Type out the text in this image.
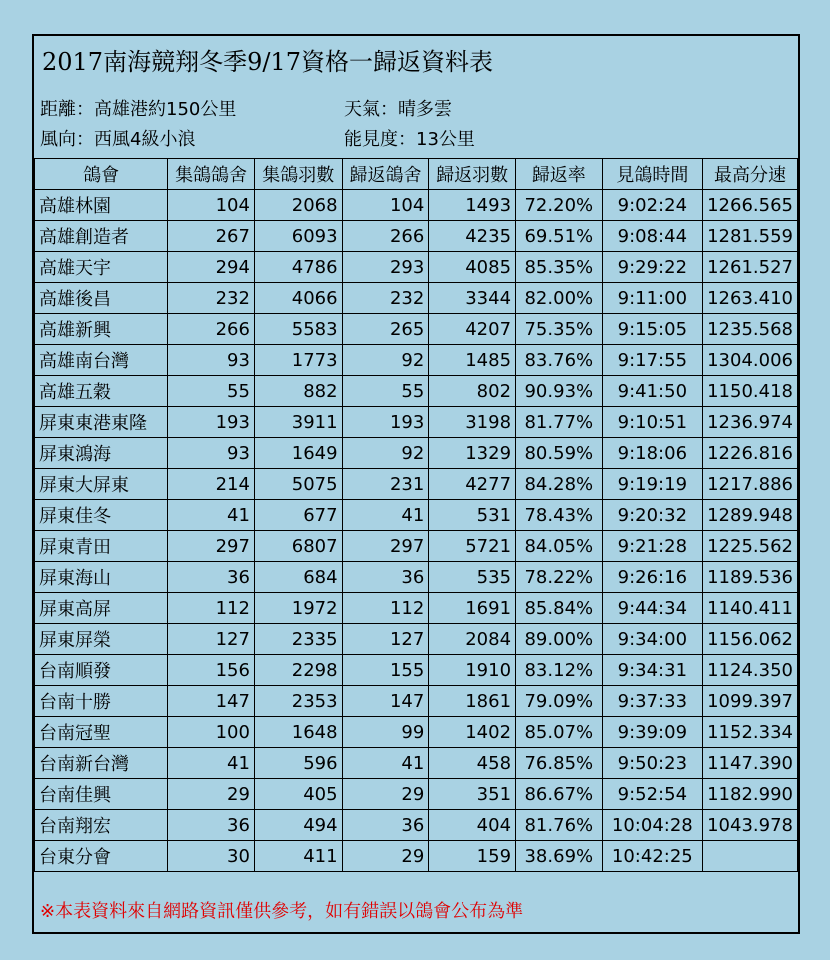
2017南海競翔冬季9/17資格一歸返資料表
距離：高雄港約150公里	天氣：晴多雲
風向：西風4級小浪	能見度：13公里
鴿會	集鴿鴿舍	集鴿羽數	歸返鴿舍	歸返羽數	歸返率	見鴿時間	最高分速
高雄林園	104	2068	104	1493	72.20%	9:02:24	1266.565
高雄創造者	267	6093	266	4235	69.51%	9:08:44	1281.559
高雄天宇	294	4786	293	4085	85.35%	9:29:22	1261.527
高雄後昌	232	4066	232	3344	82.00%	9:11:00	1263.410
高雄新興	266	5583	265	4207	75.35%	9:15:05	1235.568
高雄南台灣	93	1773	92	1485	83.76%	9:17:55	1304.006
高雄五穀	55	882	55	802	90.93%	9:41:50	1150.418
屏東東港東隆	193	3911	193	3198	81.77%	9:10:51	1236.974
屏東鴻海	93	1649	92	1329	80.59%	9:18:06	1226.816
屏東大屏東	214	5075	231	4277	84.28%	9:19:19	1217.886
屏東佳冬	41	677	41	531	78.43%	9:20:32	1289.948
屏東青田	297	6807	297	5721	84.05%	9:21:28	1225.562
屏東海山	36	684	36	535	78.22%	9:26:16	1189.536
屏東高屏	112	1972	112	1691	85.84%	9:44:34	1140.411
屏東屏榮	127	2335	127	2084	89.00%	9:34:00	1156.062
台南順發	156	2298	155	1910	83.12%	9:34:31	1124.350
台南十勝	147	2353	147	1861	79.09%	9:37:33	1099.397
台南冠聖	100	1648	99	1402	85.07%	9:39:09	1152.334
台南新台灣	41	596	41	458	76.85%	9:50:23	1147.390
台南佳興	29	405	29	351	86.67%	9:52:54	1182.990
台南翔宏	36	494	36	404	81.76%	10:04:28	1043.978
台東分會	30	411	29	159	38.69%	10:42:25	
※本表資料來自網路資訊僅供參考，如有錯誤以鴿會公布為準
